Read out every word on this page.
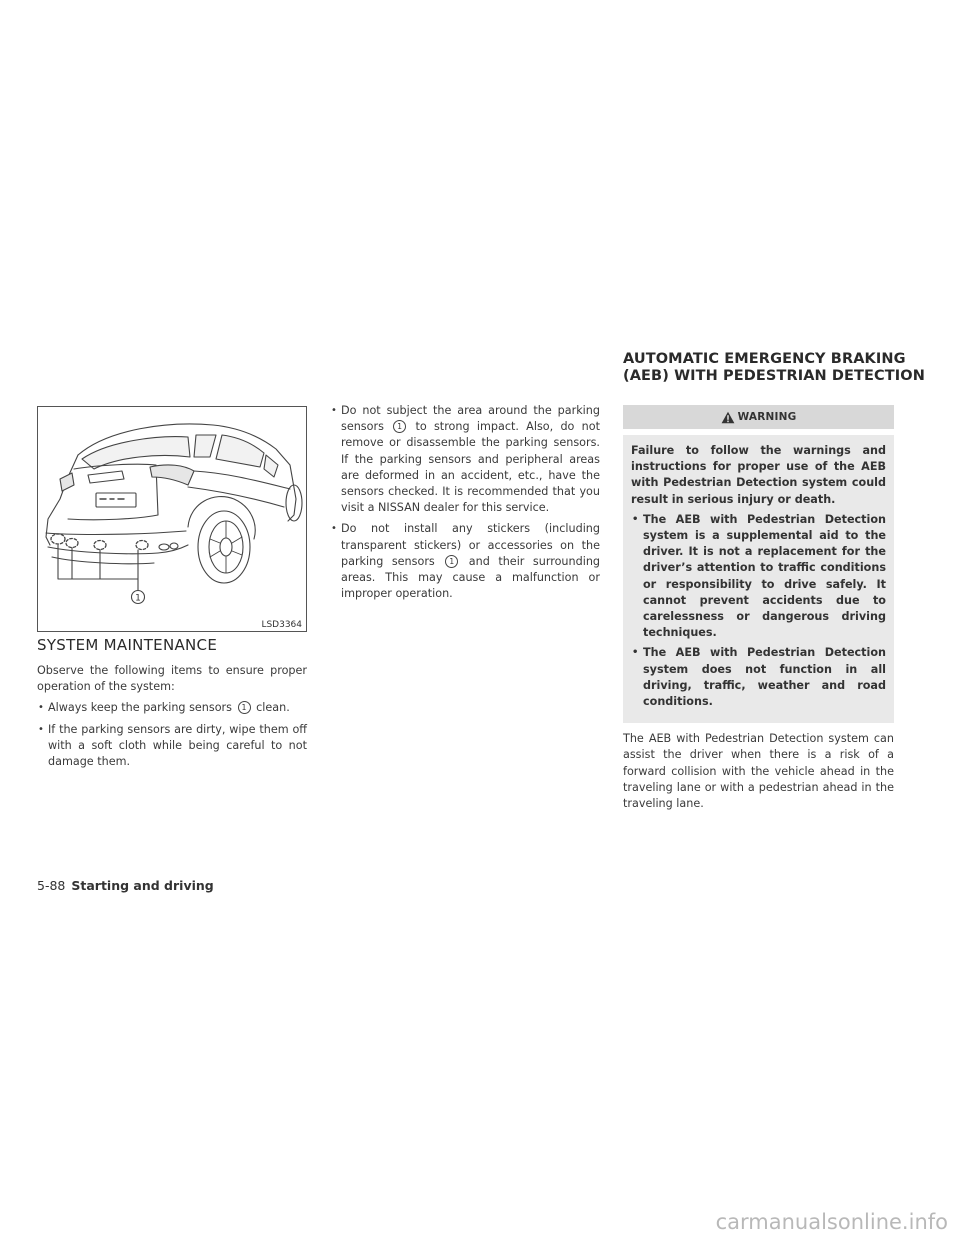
AUTOMATIC EMERGENCY BRAKING
(AEB) WITH PEDESTRIAN DETECTION
1
LSD3364
SYSTEM MAINTENANCE
Observe the following items to ensure proper operation of the system:
• Always keep the parking sensors 1 clean.
• If the parking sensors are dirty, wipe them off with a soft cloth while being careful to not damage them.
• Do not subject the area around the parking sensors 1 to strong impact. Also, do not remove or disassemble the parking sensors. If the parking sensors and peripheral areas are deformed in an accident, etc., have the sensors checked. It is recommended that you visit a NISSAN dealer for this service.
• Do not install any stickers (including transparent stickers) or accessories on the parking sensors 1 and their surrounding areas. This may cause a malfunction or improper operation.
WARNING
Failure to follow the warnings and instructions for proper use of the AEB with Pedestrian Detection system could result in serious injury or death.
• The AEB with Pedestrian Detection system is a supplemental aid to the driver. It is not a replacement for the driver’s attention to traffic conditions or responsibility to drive safely. It cannot prevent accidents due to carelessness or dangerous driving techniques.
• The AEB with Pedestrian Detection system does not function in all driving, traffic, weather and road conditions.
The AEB with Pedestrian Detection system can assist the driver when there is a risk of a forward collision with the vehicle ahead in the traveling lane or with a pedestrian ahead in the traveling lane.
5-88 Starting and driving
carmanualsonline.info
